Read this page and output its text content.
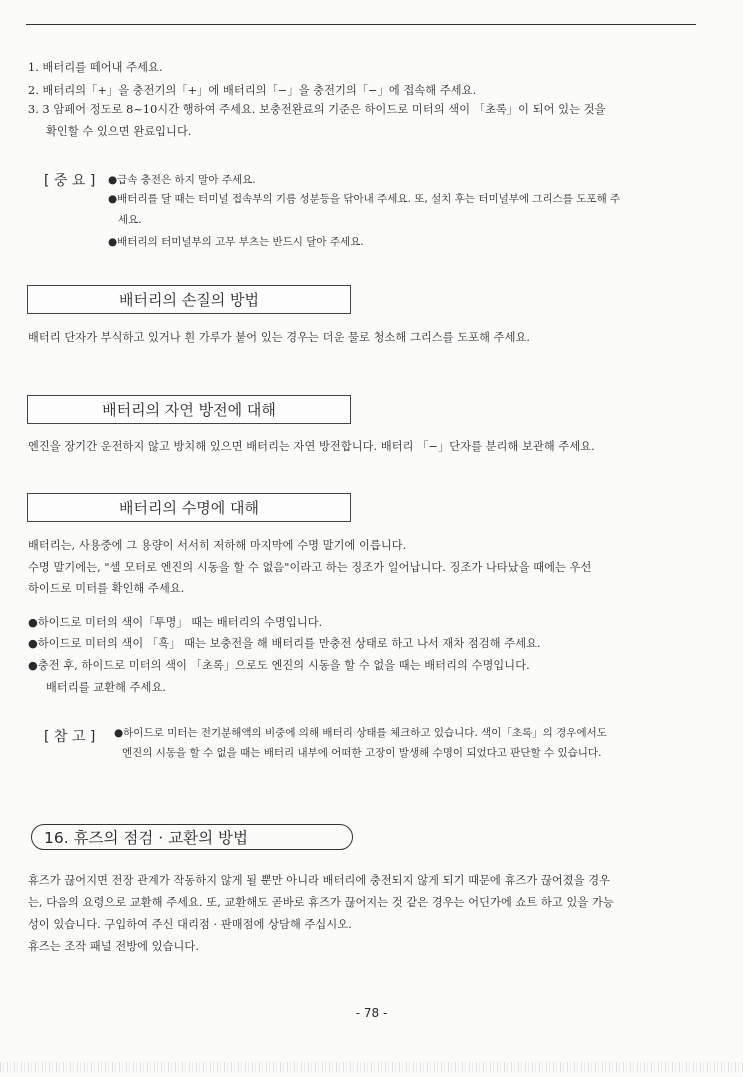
1. 배터리를 떼어내 주세요.
2. 배터리의「+」을 충전기의「+」에 배터리의「−」을 충전기의「−」에 접속해 주세요.
3. 3 암페어 정도로 8~10시간 행하여 주세요. 보충전완료의 기준은 하이드로 미터의 색이 「초록」이 되어 있는 것을
확인할 수 있으면 완료입니다.
[ 중 요 ] ●급속 충전은 하지 말아 주세요.
●배터리를 달 때는 터미널 접속부의 기름 성분등을 닦아내 주세요. 또, 설치 후는 터미널부에 그리스를 도포해 주
세요.
●배터리의 터미널부의 고무 부츠는 반드시 달아 주세요.
배터리의 손질의 방법
배터리 단자가 부식하고 있거나 흰 가루가 붙어 있는 경우는 더운 물로 청소해 그리스를 도포해 주세요.
배터리의 자연 방전에 대해
엔진을 장기간 운전하지 않고 방치해 있으면 배터리는 자연 방전합니다. 배터리 「−」단자를 분리해 보관해 주세요.
배터리의 수명에 대해
배터리는, 사용중에 그 용량이 서서히 저하해 마지막에 수명 말기에 이릅니다.
수명 말기에는, "셀 모터로 엔진의 시동을 할 수 없음"이라고 하는 징조가 일어납니다. 징조가 나타났을 때에는 우선
하이드로 미터를 확인해 주세요.
●하이드로 미터의 색이「투명」 때는 배터리의 수명입니다.
●하이드로 미터의 색이 「흑」 때는 보충전을 해 배터리를 만충전 상태로 하고 나서 재차 점검해 주세요.
●충전 후, 하이드로 미터의 색이 「초록」으로도 엔진의 시동을 할 수 없을 때는 배터리의 수명입니다.
배터리를 교환해 주세요.
[ 참 고 ] ●하이드로 미터는 전기분해액의 비중에 의해 배터리 상태를 체크하고 있습니다. 색이「초록」의 경우에서도
엔진의 시동을 할 수 없을 때는 배터리 내부에 어떠한 고장이 발생해 수명이 되었다고 판단할 수 있습니다.
16. 휴즈의 점검 · 교환의 방법
휴즈가 끊어지면 전장 관계가 작동하지 않게 될 뿐만 아니라 배터리에 충전되지 않게 되기 때문에 휴즈가 끊어졌을 경우
는, 다음의 요령으로 교환해 주세요. 또, 교환해도 곧바로 휴즈가 끊어지는 것 같은 경우는 어딘가에 쇼트 하고 있을 가능
성이 있습니다. 구입하여 주신 대리점 · 판매점에 상담해 주십시오.
휴즈는 조작 패널 전방에 있습니다.
- 78 -
